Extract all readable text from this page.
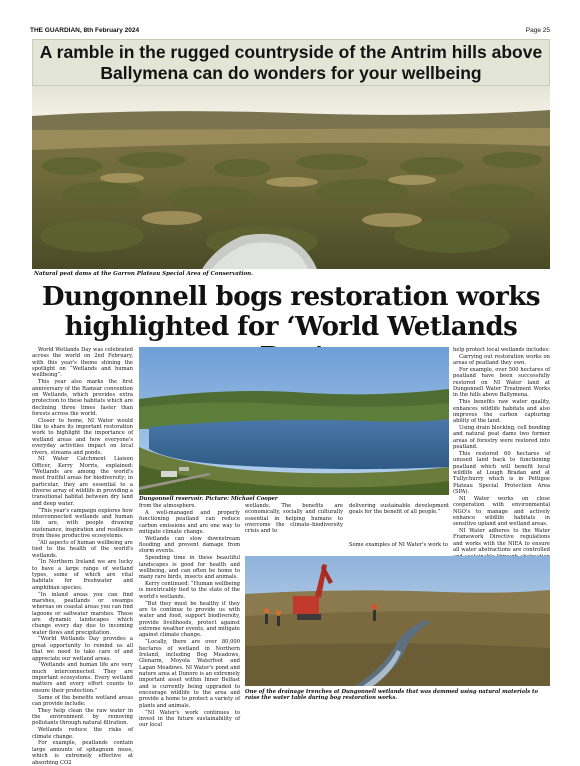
THE GUARDIAN, 8th February 2024	Page 25
A ramble in the rugged countryside of the Antrim hills above Ballymena can do wonders for your wellbeing
Natural peat dams at the Garron Plateau Special Area of Conservation.
Dungonnell bogs restoration works highlighted for ‘World Wetlands

World Wetlands Day was celebrated across the world on 2nd February, with this year's theme shining the spotlight on “Wetlands and human wellbeing”.

This year also marks the first anniversary of the Ramsar convention on Wetlands, which provides extra protection to these habitats which are declining three times faster than forests across the world.

Closer to home, NI Water would like to share its important restoration work to highlight the importance of wetland areas and how everyone's everyday activities impact on local rivers, streams and ponds.

NI Water Catchment Liaison Officer, Kerry Morris, explained: “Wetlands are among the world's most fruitful areas for biodiversity; in particular, they are essential to a diverse array of wildlife in providing a transitional habitat between dry land and deep water.

“This year's campaign explores how interconnected wetlands and human life are, with people drawing sustenance, inspiration and resilience from these productive ecosystems.

“All aspects of human wellbeing are tied to the health of the world's wetlands.

“In Northern Ireland we are lucky to have a large range of wetland types, some of which are vital habitats for freshwater and amphibian species.

“In inland areas you can find marshes, peatlands or swamps whereas on coastal areas you can find lagoons or saltwater marshes. These are dynamic landscapes which change every day due to incoming water flows and precipitation.

“World Wetlands Day provides a great opportunity to remind us all that we need to take care of and appreciate our wetland areas.

“Wetlands and human life are very much interconnected. They are important ecosystems. Every wetland matters and every effort counts to ensure their protection.”

Some of the benefits wetland areas can provide include:

They help clean the raw water in the environment by removing pollutants through natural filtration.

Wetlands reduce the risks of climate change.

For example, peatlands contain large amounts of sphagnum moss, which is extremely effective at absorbing CO2

Dungonnell reservoir. Picture: Michael Cooper

from the atmosphere.

A well-managed and properly functioning peatland can reduce carbon emissions and are one way to mitigate climate change.

Wetlands can slow downstream flooding and prevent damage from storm events.

Spending time in these beautiful landscapes is good for health and wellbeing, and can often be home to many rare birds, insects and animals.

Kerry continued: “Human wellbeing is inextricably tied to the state of the world's wetlands.

“But they must be healthy if they are to continue to provide us with water and food, support biodiversity, provide livelihoods, protect against extreme weather events, and mitigate against climate change.

“Locally, there are over 80,000 hectares of wetland in Northern Ireland, including Bog Meadows, Glenarm, Moyola Waterfoot and Lagan Meadows. NI Water's pond and nature area at Dunore is an extremely important asset within Inner Belfast and is currently being upgraded to encourage wildlife to the area and provide a home to protect a variety of plants and animals.

“NI Water's work continues to invest in the future sustainability of our local

wetlands. The benefits are economically, socially and culturally essential in helping humans to overcome the climate–biodiversity crisis and to

delivering sustainable development goals for the benefit of all people.”

Some examples of NI Water's work to

help protect local wetlands includes:

Carrying out restoration works on areas of peatland they own.

For example, over 500 hectares of peatland have been successfully restored on NI Water land at Dungonnell Water Treatment Works in the hills above Ballymena.

This benefits raw water quality, enhances wildlife habitats and also improves the carbon capturing ability of the land.

Using drain blocking, cell bunding and natural peat dams two former areas of forestry were restored into peatland.

This restored 60 hectares of unused land back to functioning peatland which will benefit local wildlife at Lough Bradan and at Tullychurry which is in Pettigoe Plateau Special Protection Area (SPA).

NI Water works on close cooperation with environmental NGO's to manage and actively enhance wildlife habitats in sensitive upland and wetland areas.

NI Water adheres to the Water Framework Directive regulations and works with the NIEA to ensure all water abstractions are controlled

One of the drainage trenches at Dungonnell wetlands that was dammed using natural materials to raise the water table during bog restoration works.
